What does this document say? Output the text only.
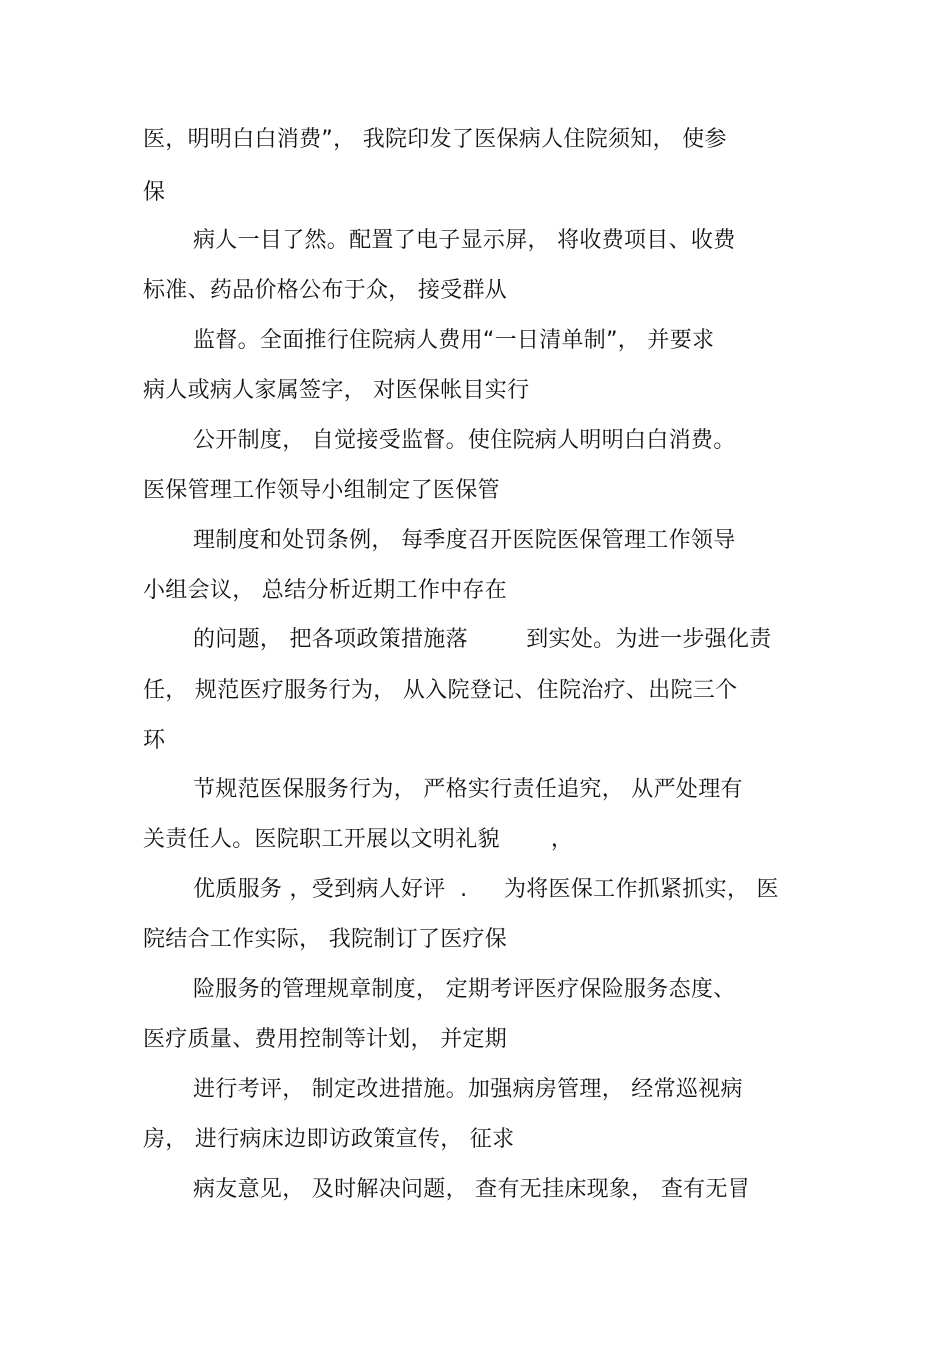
医，明明白白消费”， 我院印发了医保病人住院须知， 使参
保
病人一目了然。配置了电子显示屏， 将收费项目、收费
标准、药品价格公布于众， 接受群从
监督。全面推行住院病人费用“一日清单制”， 并要求
病人或病人家属签字， 对医保帐目实行
公开制度， 自觉接受监督。使住院病人明明白白消费。
医保管理工作领导小组制定了医保管
理制度和处罚条例， 每季度召开医院医保管理工作领导
小组会议， 总结分析近期工作中存在
的问题， 把各项政策措施落        到实处。为进一步强化责
任， 规范医疗服务行为， 从入院登记、住院治疗、出院三个
环
节规范医保服务行为， 严格实行责任追究， 从严处理有
关责任人。医院职工开展以文明礼貌       ，
优质服务 ，受到病人好评  .     为将医保工作抓紧抓实， 医
院结合工作实际， 我院制订了医疗保
险服务的管理规章制度， 定期考评医疗保险服务态度、
医疗质量、费用控制等计划， 并定期
进行考评， 制定改进措施。加强病房管理， 经常巡视病
房， 进行病床边即访政策宣传， 征求
病友意见， 及时解决问题， 查有无挂床现象， 查有无冒
